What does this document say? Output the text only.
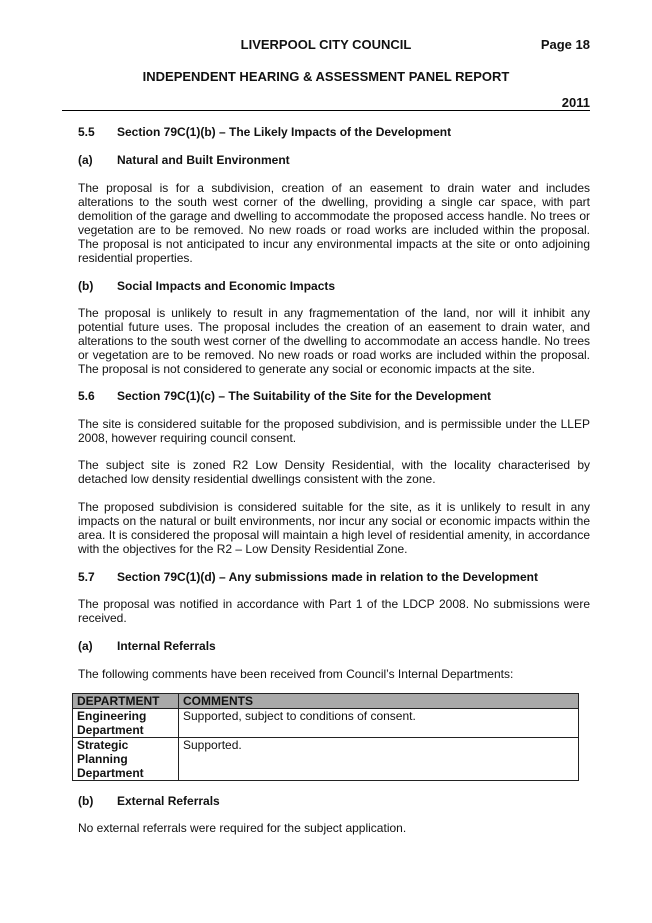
LIVERPOOL CITY COUNCIL	Page 18
INDEPENDENT HEARING & ASSESSMENT PANEL REPORT
2011
5.5 Section 79C(1)(b) – The Likely Impacts of the Development
(a) Natural and Built Environment

The proposal is for a subdivision, creation of an easement to drain water and includes alterations to the south west corner of the dwelling, providing a single car space, with part demolition of the garage and dwelling to accommodate the proposed access handle. No trees or vegetation are to be removed. No new roads or road works are included within the proposal. The proposal is not anticipated to incur any environmental impacts at the site or onto adjoining residential properties.

(b) Social Impacts and Economic Impacts

The proposal is unlikely to result in any fragmementation of the land, nor will it inhibit any potential future uses. The proposal includes the creation of an easement to drain water, and alterations to the south west corner of the dwelling to accommodate an access handle. No trees or vegetation are to be removed. No new roads or road works are included within the proposal. The proposal is not considered to generate any social or economic impacts at the site.

5.6 Section 79C(1)(c) – The Suitability of the Site for the Development

The site is considered suitable for the proposed subdivision, and is permissible under the LLEP 2008, however requiring council consent.

The subject site is zoned R2 Low Density Residential, with the locality characterised by detached low density residential dwellings consistent with the zone.

The proposed subdivision is considered suitable for the site, as it is unlikely to result in any impacts on the natural or built environments, nor incur any social or economic impacts within the area. It is considered the proposal will maintain a high level of residential amenity, in accordance with the objectives for the R2 – Low Density Residential Zone.

5.7 Section 79C(1)(d) – Any submissions made in relation to the Development

The proposal was notified in accordance with Part 1 of the LDCP 2008. No submissions were received.

(a) Internal Referrals

The following comments have been received from Council’s Internal Departments:

DEPARTMENT	COMMENTS
Engineering Department	Supported, subject to conditions of consent.
Strategic Planning Department	Supported.
(b) External Referrals

No external referrals were required for the subject application.
